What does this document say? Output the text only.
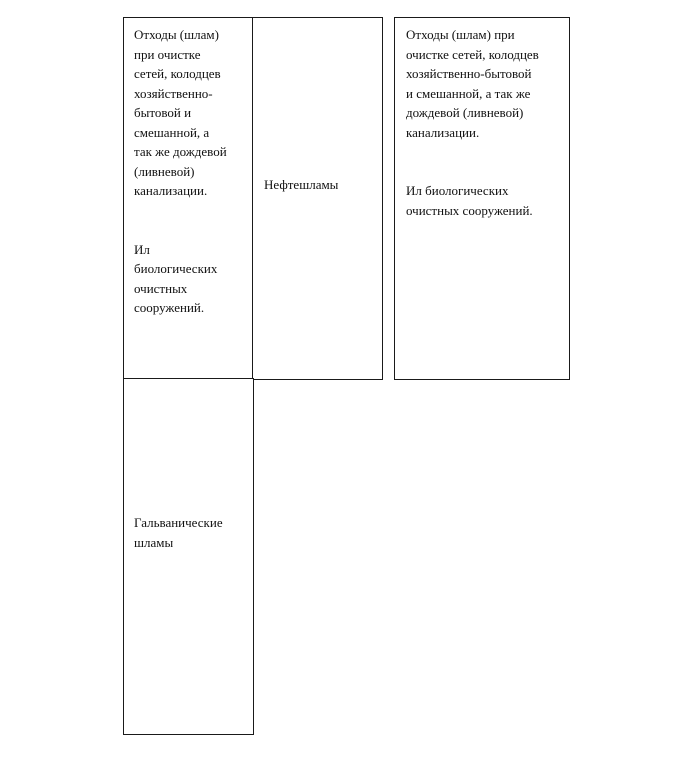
Отходы (шлам)
при очистке
сетей, колодцев
хозяйственно-
бытовой и
смешанной, а
так же дождевой
(ливневой)
канализации.

Ил
биологических
очистных
сооружений.

Нефтешламы

Отходы (шлам) при
очистке сетей, колодцев
хозяйственно-бытовой
и смешанной, а так же
дождевой (ливневой)
канализации.

Ил биологических
очистных сооружений.

Гальванические
шламы
